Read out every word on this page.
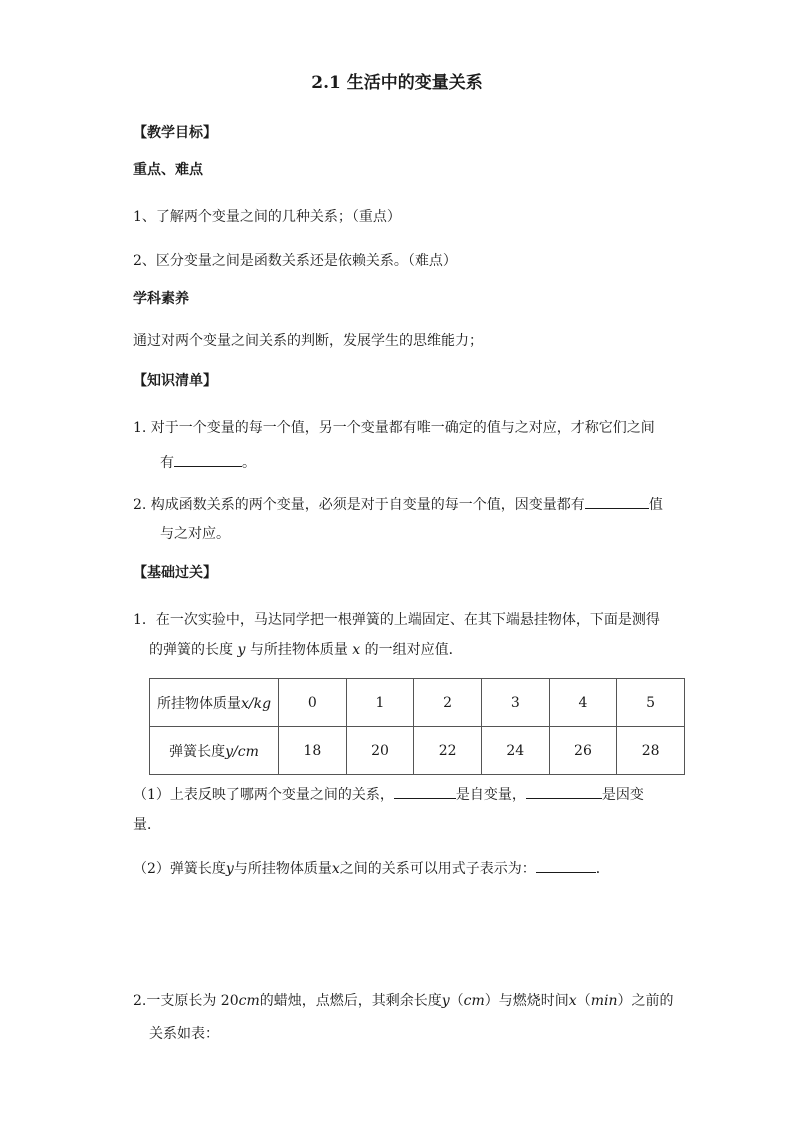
2.1 生活中的变量关系
【教学目标】
重点、难点
1、了解两个变量之间的几种关系；（重点）
2、区分变量之间是函数关系还是依赖关系。（难点）
学科素养
通过对两个变量之间关系的判断，发展学生的思维能力；
【知识清单】
1. 对于一个变量的每一个值，另一个变量都有唯一确定的值与之对应，才称它们之间
有	。
2. 构成函数关系的两个变量，必须是对于自变量的每一个值，因变量都有	值
与之对应。
【基础过关】
1．在一次实验中，马达同学把一根弹簧的上端固定、在其下端悬挂物体，下面是测得
的弹簧的长度 y 与所挂物体质量 x 的一组对应值．
所挂物体质量x/kg	0	1	2	3	4	5
弹簧长度y/cm	18	20	22	24	26	28
（1）上表反映了哪两个变量之间的关系，	是自变量，	是因变
量．
（2）弹簧长度y与所挂物体质量x之间的关系可以用式子表示为：	．
2.一支原长为 20cm的蜡烛，点燃后，其剩余长度y（cm）与燃烧时间x（min）之前的
关系如表：
